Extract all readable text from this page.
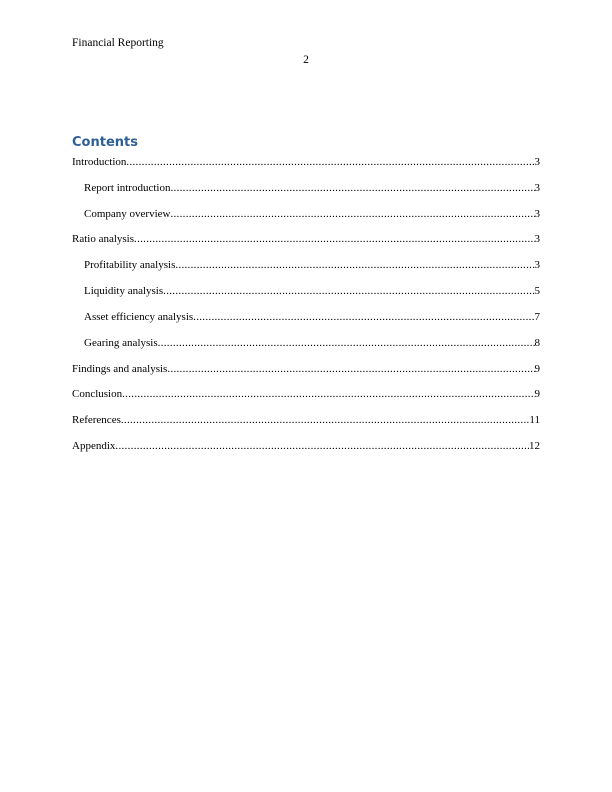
Financial Reporting
2
Contents
Introduction .....	3
Report introduction .....	3
Company overview .....	3
Ratio analysis .....	3
Profitability analysis .....	3
Liquidity analysis .....	5
Asset efficiency analysis .....	7
Gearing analysis .....	8
Findings and analysis .....	9
Conclusion .....	9
References .....	11
Appendix .....	12
